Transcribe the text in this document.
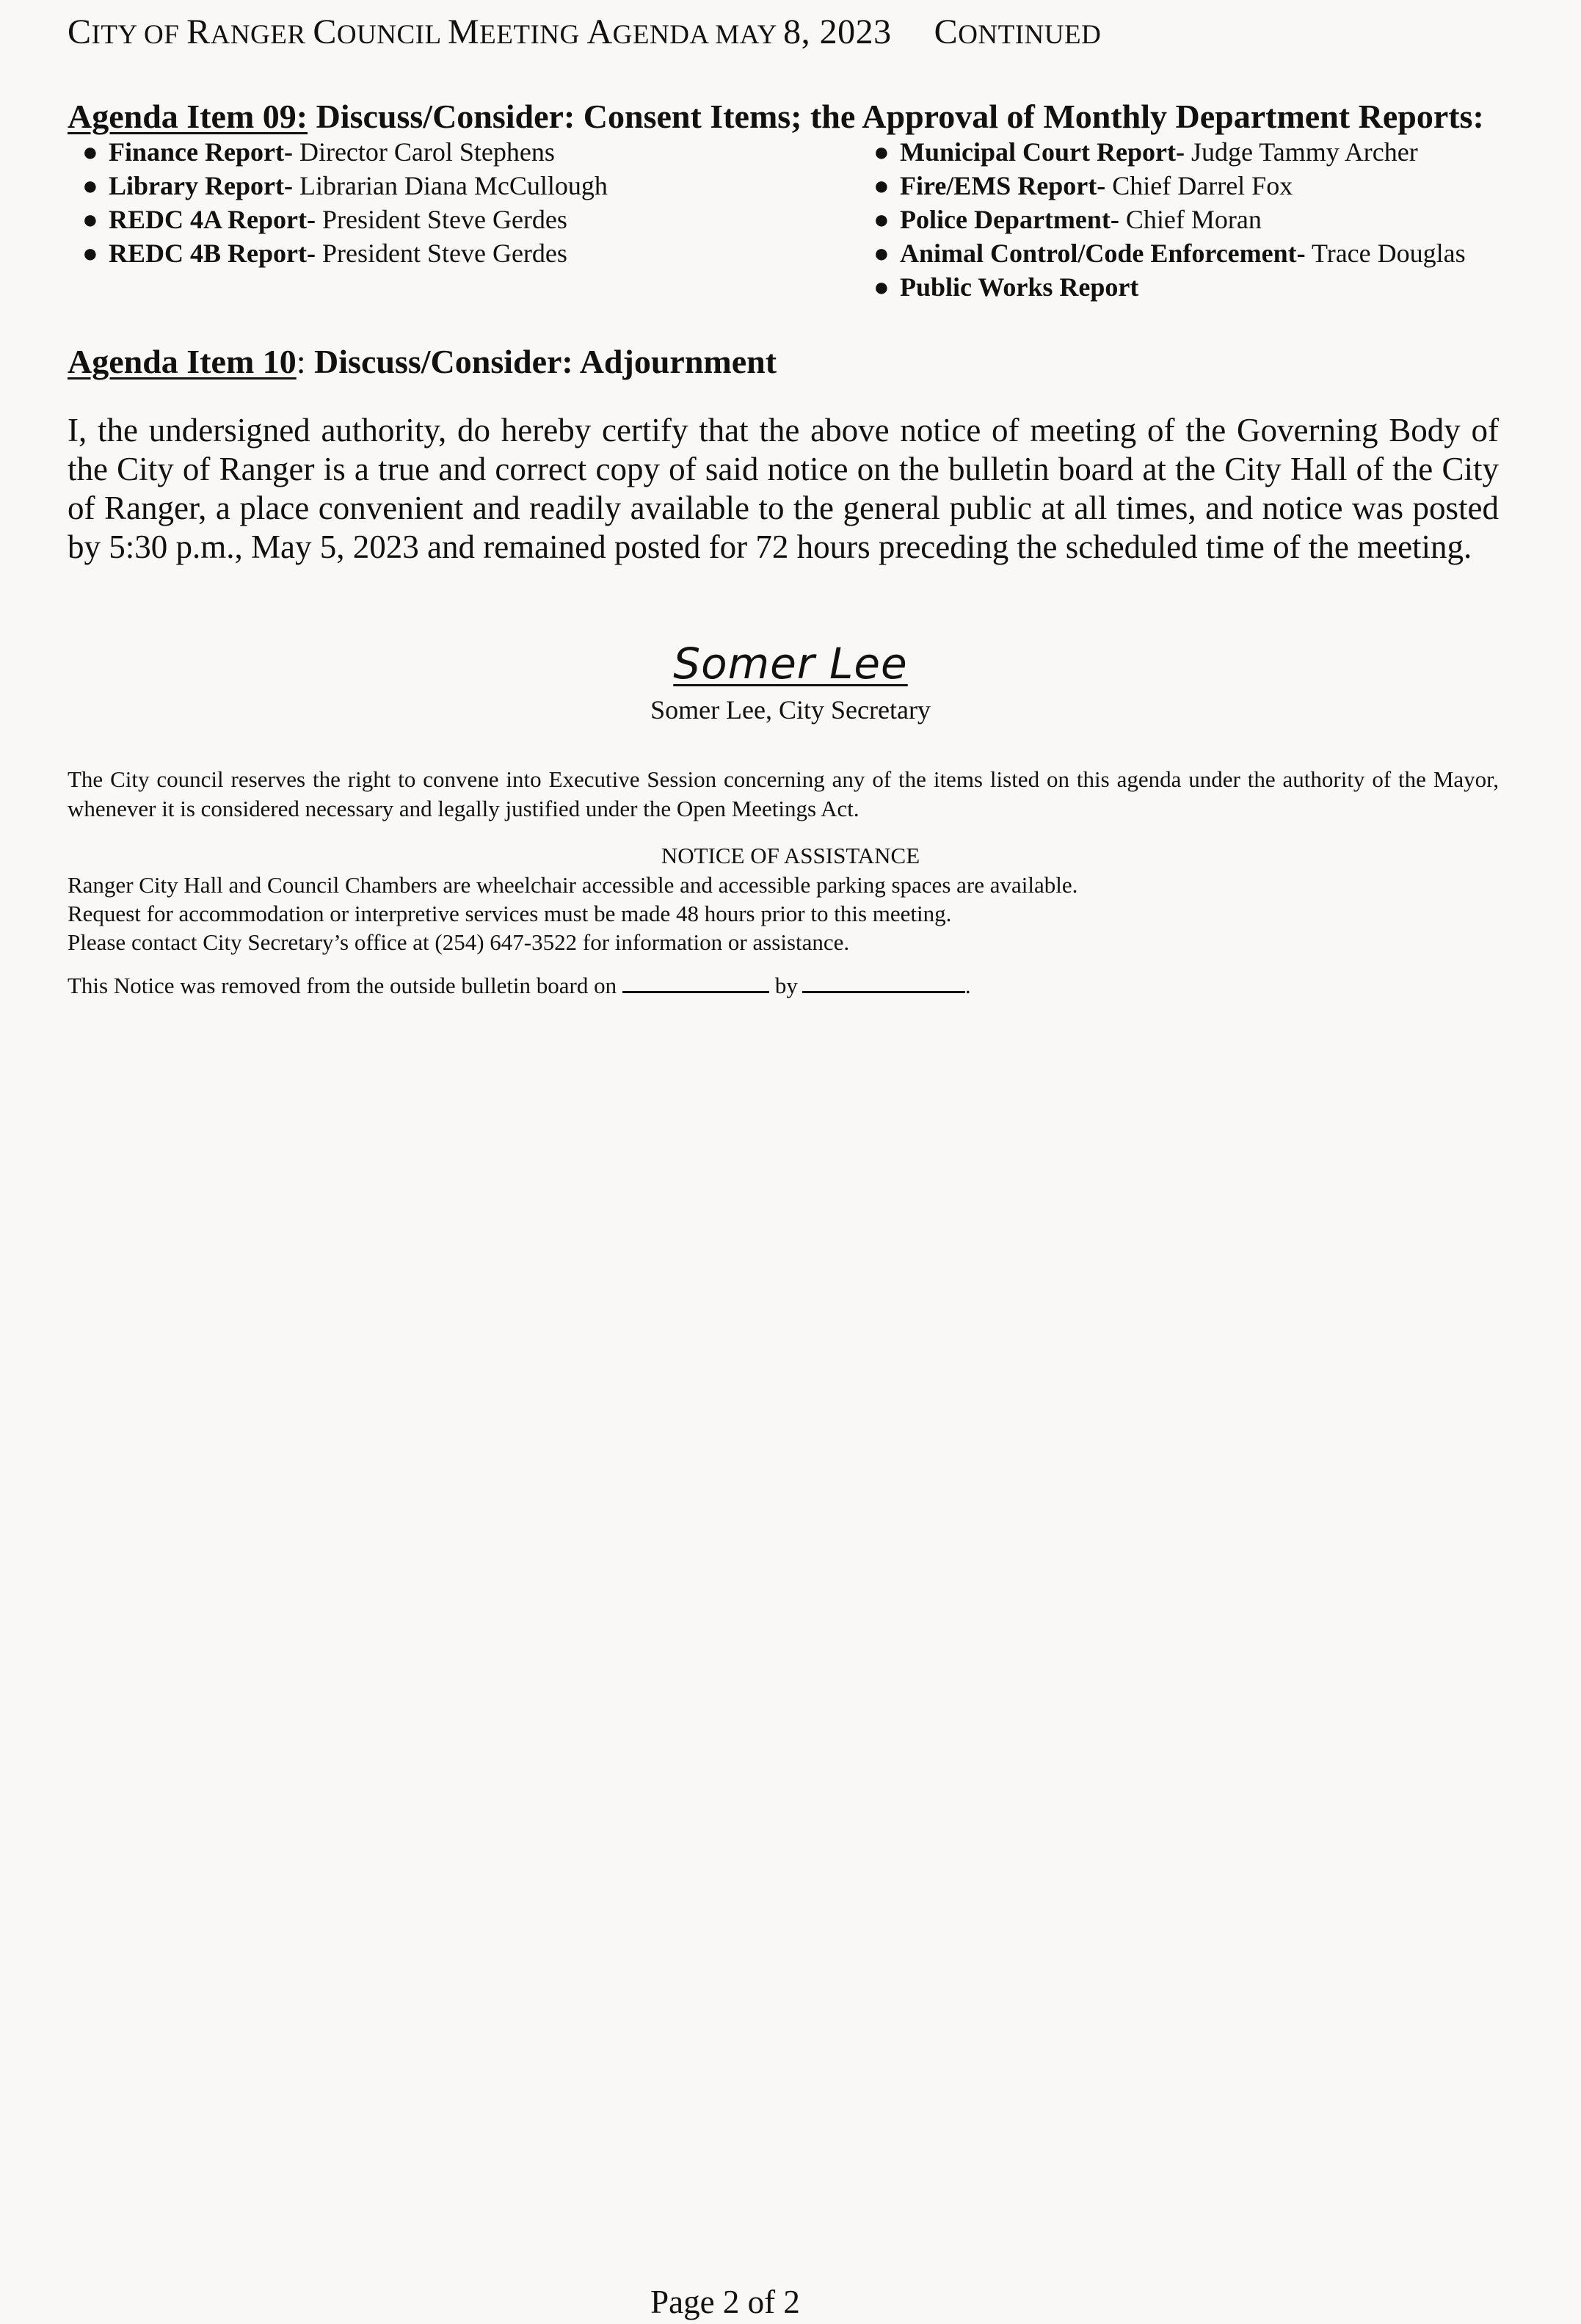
CITY OF RANGER COUNCIL MEETING AGENDA MAY 8, 2023 CONTINUED
Agenda Item 09: Discuss/Consider: Consent Items; the Approval of Monthly Department Reports:
● Finance Report- Director Carol Stephens
● Library Report- Librarian Diana McCullough
● REDC 4A Report- President Steve Gerdes
● REDC 4B Report- President Steve Gerdes
● Municipal Court Report- Judge Tammy Archer
● Fire/EMS Report- Chief Darrel Fox
● Police Department- Chief Moran
● Animal Control/Code Enforcement- Trace Douglas
● Public Works Report
Agenda Item 10: Discuss/Consider: Adjournment
I, the undersigned authority, do hereby certify that the above notice of meeting of the Governing Body of the City of Ranger is a true and correct copy of said notice on the bulletin board at the City Hall of the City of Ranger, a place convenient and readily available to the general public at all times, and notice was posted by 5:30 p.m., May 5, 2023 and remained posted for 72 hours preceding the scheduled time of the meeting.
Somer Lee
Somer Lee, City Secretary
The City council reserves the right to convene into Executive Session concerning any of the items listed on this agenda under the authority of the Mayor, whenever it is considered necessary and legally justified under the Open Meetings Act.
NOTICE OF ASSISTANCE
Ranger City Hall and Council Chambers are wheelchair accessible and accessible parking spaces are available.
Request for accommodation or interpretive services must be made 48 hours prior to this meeting.
Please contact City Secretary’s office at (254) 647-3522 for information or assistance.
This Notice was removed from the outside bulletin board on	by	.
Page 2 of 2
